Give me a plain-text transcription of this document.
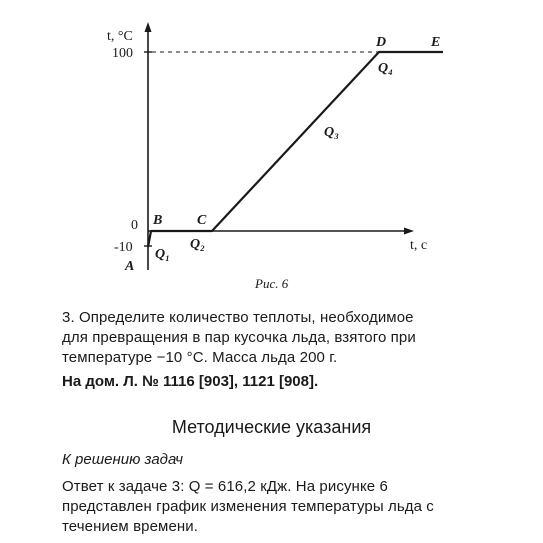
t, °C
t, c
100
0
-10
A
B C
D	E
Q₁
Q₂
Q₃
Q₄
Рис. 6
3. Определите количество теплоты, необходимое
для превращения в пар кусочка льда, взятого при
температуре −10 °С. Масса льда 200 г.
На дом. Л. № 1116 [903], 1121 [908].
Методические указания
К решению задач
Ответ к задаче 3: Q = 616,2 кДж. На рисунке 6
представлен график изменения температуры льда с
течением времени.
